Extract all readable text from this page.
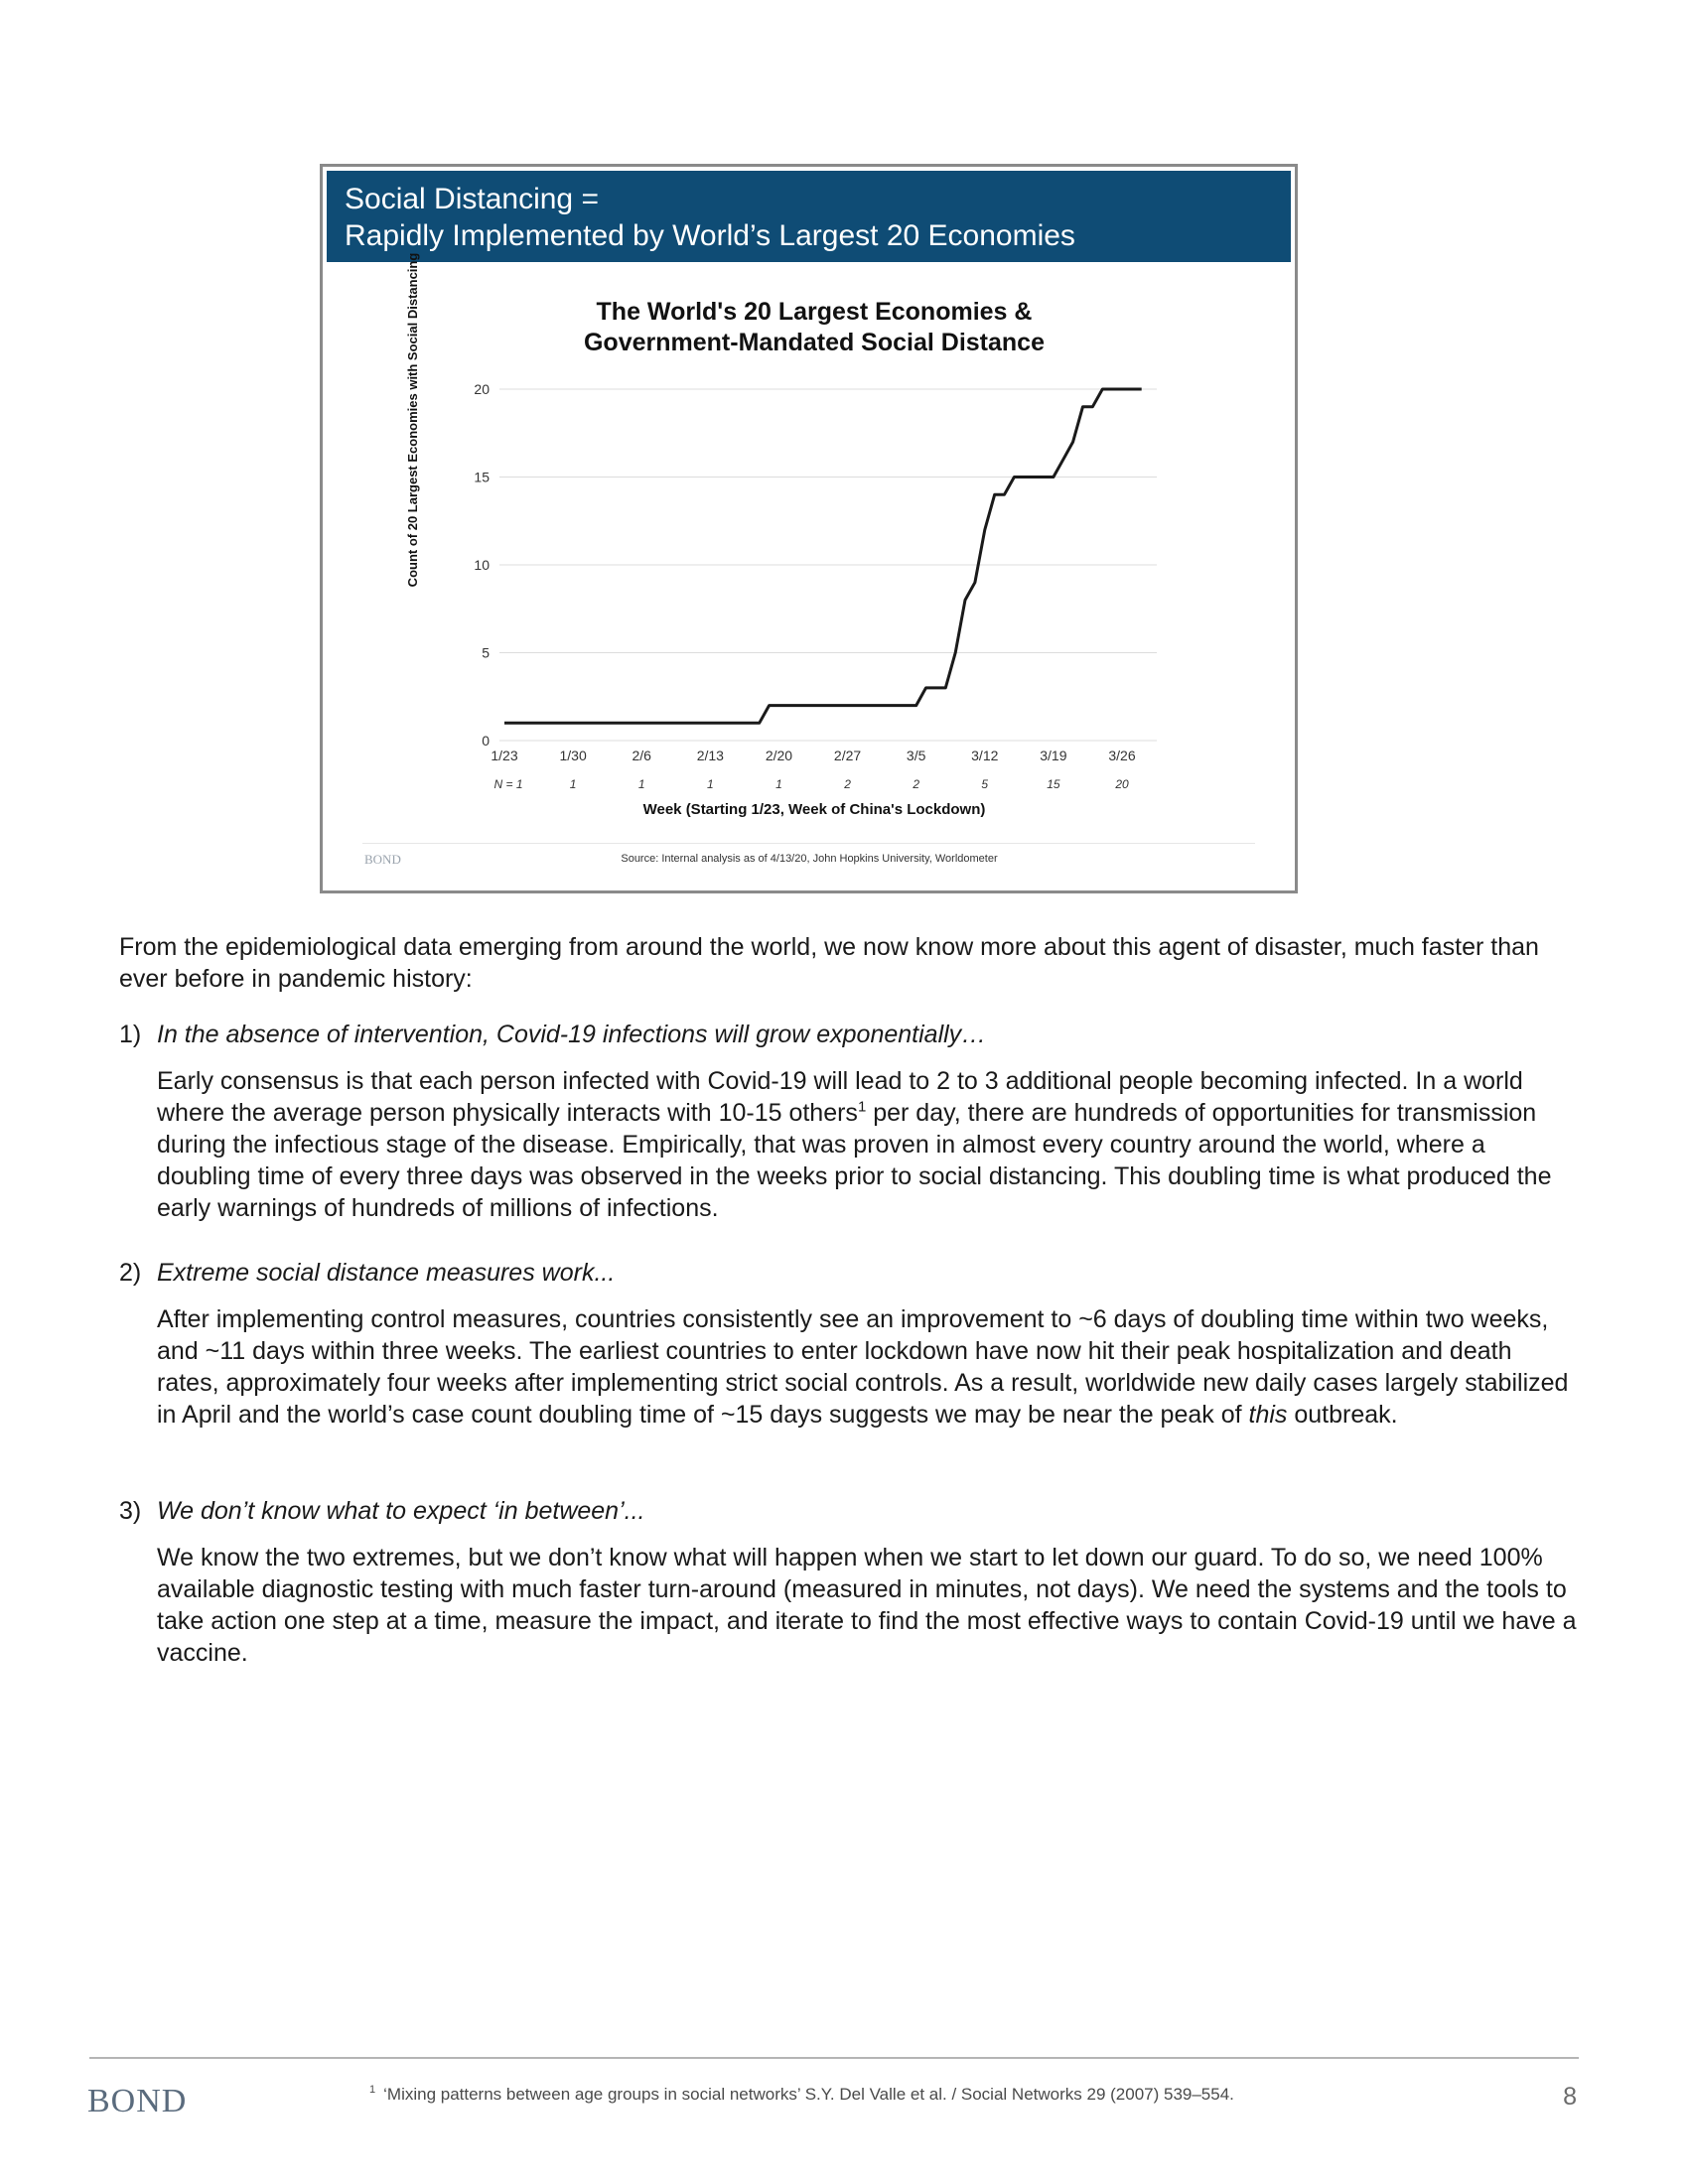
Social Distancing =
Rapidly Implemented by World’s Largest 20 Economies
The World's 20 Largest Economies &
Government-Mandated Social Distance
Count of 20 Largest Economies with Social Distancing
0
5
10
15
20
1/23	1/30	2/6	2/13	2/20	2/27	3/5	3/12	3/19	3/26
N = 1	1	1	1	1	2	2	5	15	20
Week (Starting 1/23, Week of China's Lockdown)
BOND	Source: Internal analysis as of 4/13/20, John Hopkins University, Worldometer
From the epidemiological data emerging from around the world, we now know more about this agent of disaster, much faster than ever before in pandemic history:
1) In the absence of intervention, Covid-19 infections will grow exponentially…
Early consensus is that each person infected with Covid-19 will lead to 2 to 3 additional people becoming infected. In a world where the average person physically interacts with 10-15 others$^1$ per day, there are hundreds of opportunities for transmission during the infectious stage of the disease. Empirically, that was proven in almost every country around the world, where a doubling time of every three days was observed in the weeks prior to social distancing. This doubling time is what produced the early warnings of hundreds of millions of infections.
2) Extreme social distance measures work...
After implementing control measures, countries consistently see an improvement to ~6 days of doubling time within two weeks, and ~11 days within three weeks. The earliest countries to enter lockdown have now hit their peak hospitalization and death rates, approximately four weeks after implementing strict social controls. As a result, worldwide new daily cases largely stabilized in April and the world’s case count doubling time of ~15 days suggests we may be near the peak of this outbreak.
3) We don’t know what to expect ‘in between’...
We know the two extremes, but we don’t know what will happen when we start to let down our guard. To do so, we need 100% available diagnostic testing with much faster turn-around (measured in minutes, not days). We need the systems and the tools to take action one step at a time, measure the impact, and iterate to find the most effective ways to contain Covid-19 until we have a vaccine.
BOND	$^1$ ‘Mixing patterns between age groups in social networks’ S.Y. Del Valle et al. / Social Networks 29 (2007) 539–554.	8
